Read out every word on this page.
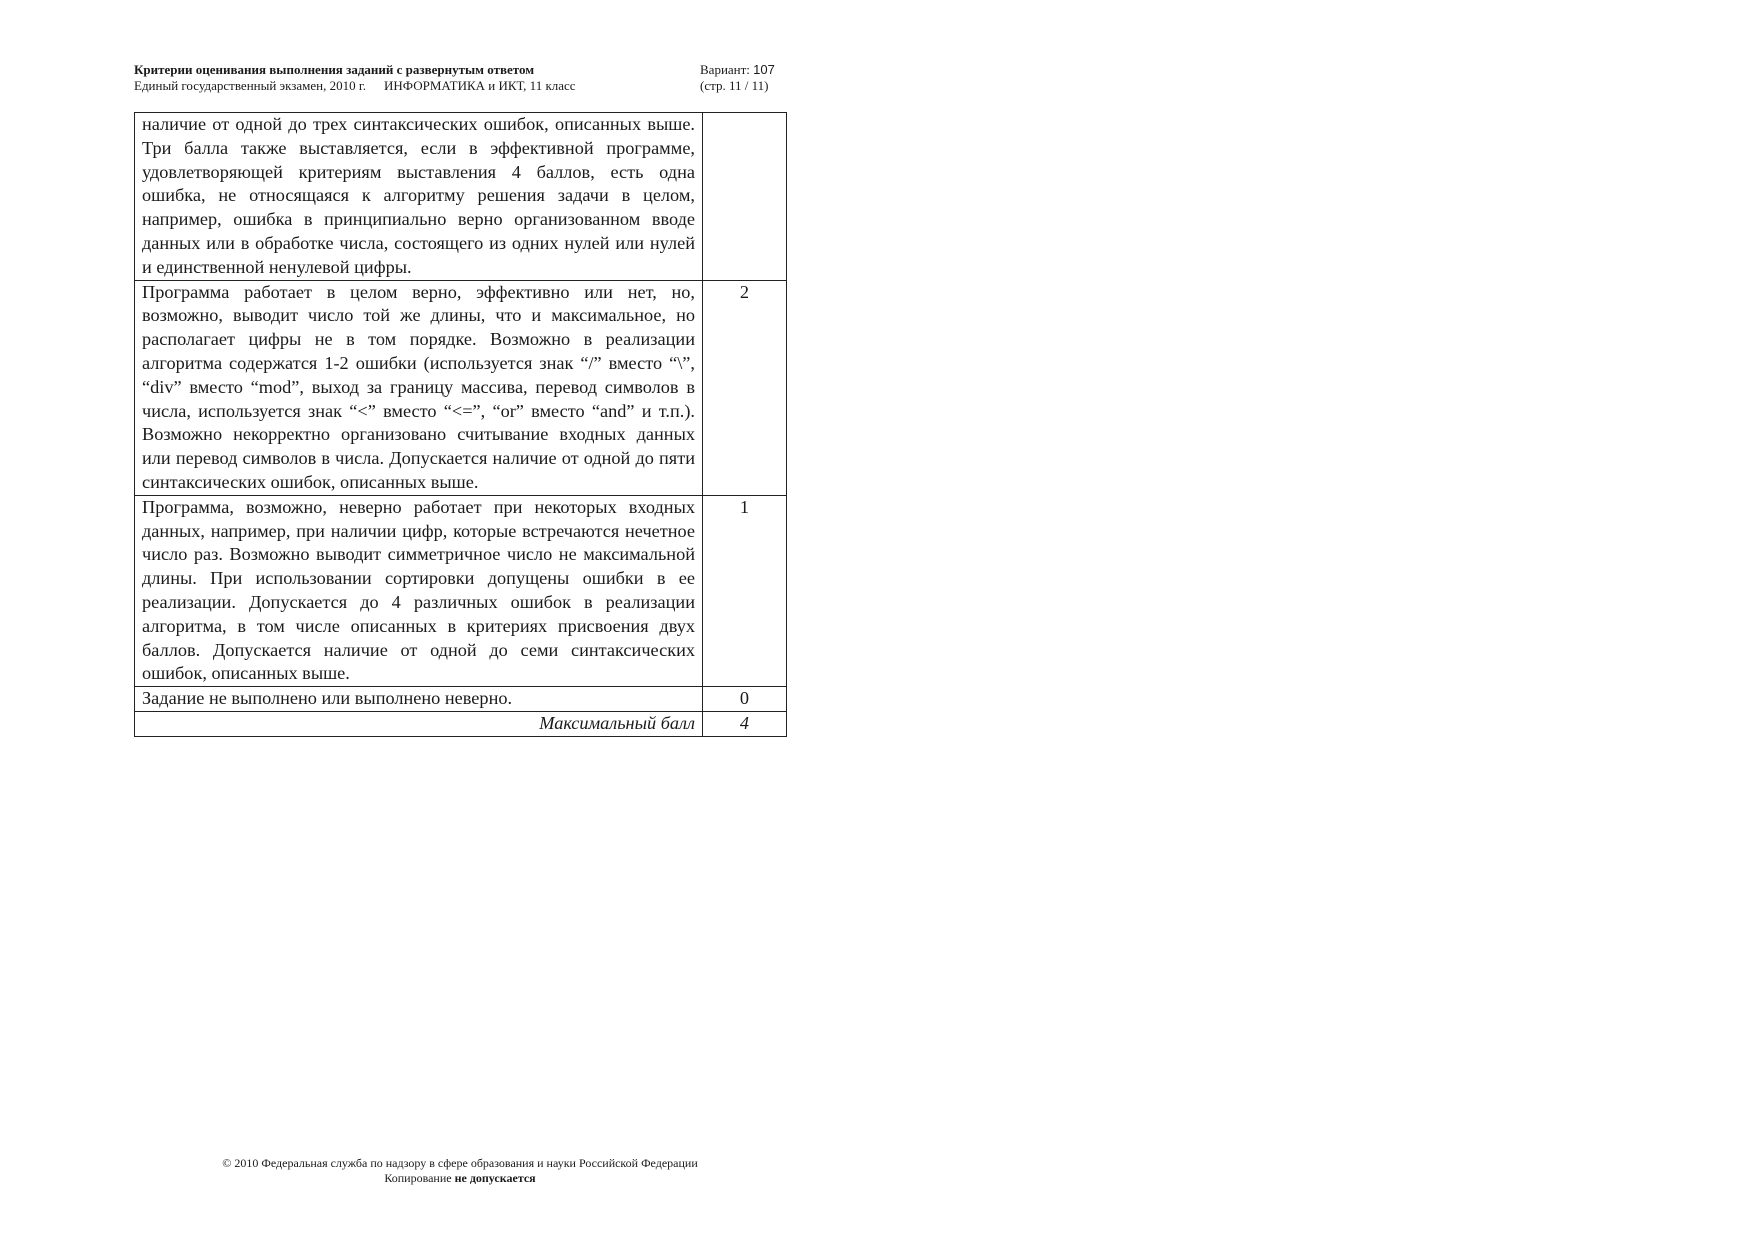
Критерии оценивания выполнения заданий с развернутым ответом
Единый государственный экзамен, 2010 г. ИНФОРМАТИКА и ИКТ, 11 класс
Вариант: 107
(стр. 11 / 11)
наличие от одной до трех синтаксических ошибок, описанных выше. Три балла также выставляется, если в эффективной программе, удовлетворяющей критериям выставления 4 баллов, есть одна ошибка, не относящаяся к алгоритму решения задачи в целом, например, ошибка в принципиально верно организованном вводе данных или в обработке числа, состоящего из одних нулей или нулей и единственной ненулевой цифры.	
Программа работает в целом верно, эффективно или нет, но, возможно, выводит число той же длины, что и максимальное, но располагает цифры не в том порядке. Возможно в реализации алгоритма содержатся 1-2 ошибки (используется знак “/” вместо “\”, “div” вместо “mod”, выход за границу массива, перевод символов в числа, используется знак “<” вместо “<=”, “or” вместо “and” и т.п.). Возможно некорректно организовано считывание входных данных или перевод символов в числа. Допускается наличие от одной до пяти синтаксических ошибок, описанных выше.	2
Программа, возможно, неверно работает при некоторых входных данных, например, при наличии цифр, которые встречаются нечетное число раз. Возможно выводит симметричное число не максимальной длины. При использовании сортировки допущены ошибки в ее реализации. Допускается до 4 различных ошибок в реализации алгоритма, в том числе описанных в критериях присвоения двух баллов. Допускается наличие от одной до семи синтаксических ошибок, описанных выше.	1
Задание не выполнено или выполнено неверно.	0
Максимальный балл	4
© 2010 Федеральная служба по надзору в сфере образования и науки Российской Федерации
Копирование не допускается
